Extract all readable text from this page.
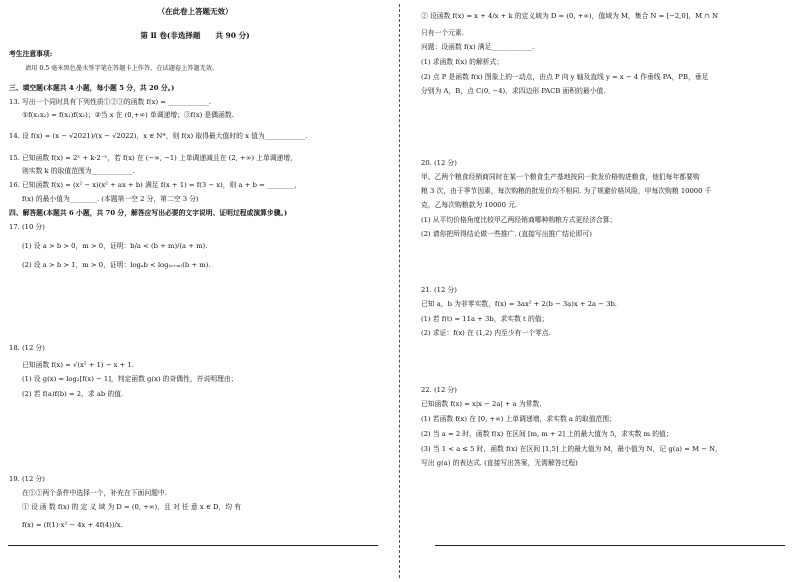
（在此卷上答题无效）
第 Ⅱ 卷(非选择题　　共 90 分)
考生注意事项:
请用 0.5 毫米黑色墨水签字笔在答题卡上作答，在试题卷上答题无效。
三、填空题(本题共 4 小题，每小题 5 分，共 20 分。)
13. 写出一个同时具有下列性质①②③的函数 f(x) = ____________.
①f(x₁x₂) = f(x₁)f(x₂)；②当 x 在 (0,+∞) 单调递增；③f(x) 是偶函数.
14. 设 f(x) = (x − √2021)/(x − √2022)，x ∈ N*，则 f(x) 取得最大值时的 x 值为____________.
15. 已知函数 f(x) = 2ˣ + k·2⁻ˣ，若 f(x) 在 (−∞, −1) 上单调递减且在 (2, +∞) 上单调递增，
则实数 k 的取值范围为____________.
16. 已知函数 f(x) = (x² − x)(x² + ax + b) 满足 f(x + 1) = f(3 − x)，则 a + b = ________，
f(x) 的最小值为________. (本题第一空 2 分，第二空 3 分)
四、解答题(本题共 6 小题，共 70 分，解答应写出必要的文字说明、证明过程或演算步骤。)
17. (10 分)
(1) 设 a > b > 0，m > 0，证明：b/a < (b + m)/(a + m).
(2) 设 a > b > 1，m > 0，证明：logₐb < log₍ₐ₊ₘ₎(b + m).
18. (12 分)
已知函数 f(x) = √(x² + 1) − x + 1.
(1) 设 g(x) = log₂[f(x) − 1]，判定函数 g(x) 的奇偶性，并说明理由；
(2) 若 f(a)f(b) = 2，求 ab 的值.
19. (12 分)
在①②两个条件中选择一个，补充在下面问题中.
① 设 函 数 f(x) 的 定 义 域 为 D = (0, +∞)，且 对 任 意 x ∈ D，均 有
f(x) = (f(1)·x² − 4x + 4f(4))/x.
② 设函数 f(x) = x + 4/x + k 的定义域为 D = (0, +∞)，值域为 M，集合 N = [−2,0]，M ∩ N
只有一个元素.
问题：设函数 f(x) 满足____________.
(1) 求函数 f(x) 的解析式；
(2) 点 P 是函数 f(x) 图象上的一动点，由点 P 向 y 轴及直线 y = x − 4 作垂线 PA，PB，垂足
分别为 A，B，点 C(0, −4)，求四边形 PACB 面积的最小值.
20. (12 分)
甲、乙两个粮食经销商同时在某一个粮食生产基地按同一批发价格购进粮食，他们每年都要购
粮 3 次，由于季节因素，每次购粮的批发价均不相同. 为了规避价格风险，甲每次购粮 10000 千
克，乙每次购粮款为 10000 元.
(1) 从平均价格角度比较甲乙两经销商哪种购粮方式更经济合算；
(2) 请你把所得结论做一些推广. (直接写出推广结论即可)
21. (12 分)
已知 a，b 为非零实数，f(x) = 3ax² + 2(b − 3a)x + 2a − 3b.
(1) 若 f(t) = 11a + 3b，求实数 t 的值；
(2) 求证：f(x) 在 (1,2) 内至少有一个零点.
22. (12 分)
已知函数 f(x) = x|x − 2a| + a 为常数.
(1) 若函数 f(x) 在 [0, +∞) 上单调递增，求实数 a 的取值范围；
(2) 当 a = 2 时，函数 f(x) 在区间 [m, m + 2] 上的最大值为 5，求实数 m 的值；
(3) 当 1 < a ≤ 5 时，函数 f(x) 在区间 [1,5] 上的最大值为 M，最小值为 N，记 g(a) = M − N，
写出 g(a) 的表达式. (直接写出答案，无需解答过程)
